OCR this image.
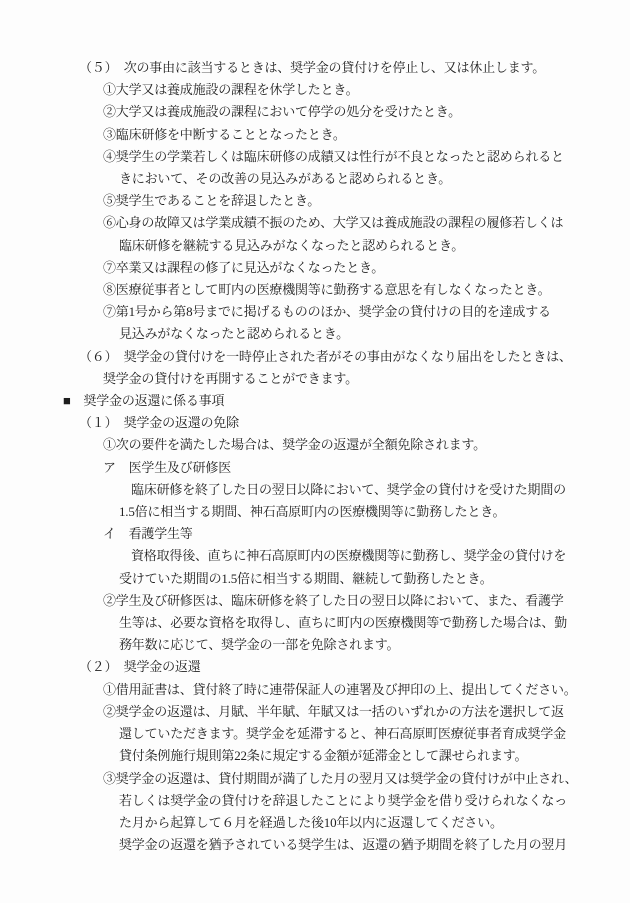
（５）　次の事由に該当するときは、奨学金の貸付けを停止し、又は休止します。
①大学又は養成施設の課程を休学したとき。
②大学又は養成施設の課程において停学の処分を受けたとき。
③臨床研修を中断することとなったとき。
④奨学生の学業若しくは臨床研修の成績又は性行が不良となったと認められると
きにおいて、その改善の見込みがあると認められるとき。
⑤奨学生であることを辞退したとき。
⑥心身の故障又は学業成績不振のため、大学又は養成施設の課程の履修若しくは
臨床研修を継続する見込みがなくなったと認められるとき。
⑦卒業又は課程の修了に見込がなくなったとき。
⑧医療従事者として町内の医療機関等に勤務する意思を有しなくなったとき。
⑦第1号から第8号までに掲げるもののほか、奨学金の貸付けの目的を達成する
見込みがなくなったと認められるとき。
（６）　奨学金の貸付けを一時停止された者がその事由がなくなり届出をしたときは、
奨学金の貸付けを再開することができます。
■　奨学金の返還に係る事項
（１）　奨学金の返還の免除
①次の要件を満たした場合は、奨学金の返還が全額免除されます。
ア　医学生及び研修医
臨床研修を終了した日の翌日以降において、奨学金の貸付けを受けた期間の
1.5倍に相当する期間、神石高原町内の医療機関等に勤務したとき。
イ　看護学生等
資格取得後、直ちに神石高原町内の医療機関等に勤務し、奨学金の貸付けを
受けていた期間の1.5倍に相当する期間、継続して勤務したとき。
②学生及び研修医は、臨床研修を終了した日の翌日以降において、また、看護学
生等は、必要な資格を取得し、直ちに町内の医療機関等で勤務した場合は、勤
務年数に応じて、奨学金の一部を免除されます。
（２）　奨学金の返還
①借用証書は、貸付終了時に連帯保証人の連署及び押印の上、提出してください。
②奨学金の返還は、月賦、半年賦、年賦又は一括のいずれかの方法を選択して返
還していただきます。奨学金を延滞すると、神石高原町医療従事者育成奨学金
貸付条例施行規則第22条に規定する金額が延滞金として課せられます。
③奨学金の返還は、貸付期間が満了した月の翌月又は奨学金の貸付けが中止され、
若しくは奨学金の貸付けを辞退したことにより奨学金を借り受けられなくなっ
た月から起算して６月を経過した後10年以内に返還してください。
奨学金の返還を猶予されている奨学生は、返還の猶予期間を終了した月の翌月
